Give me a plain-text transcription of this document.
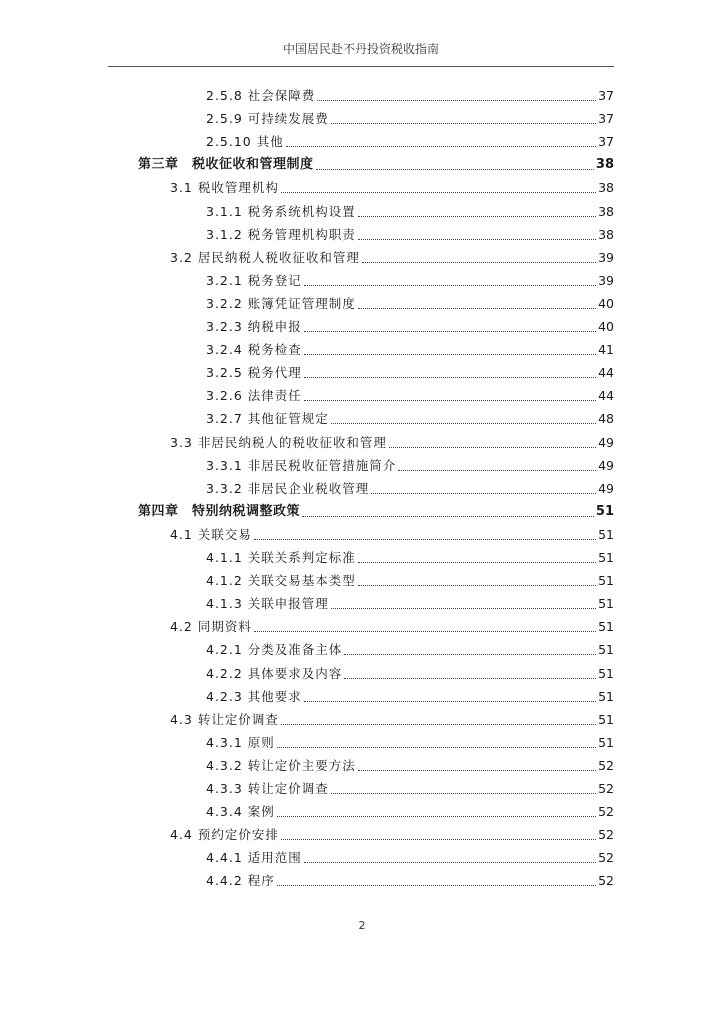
中国居民赴不丹投资税收指南
2.5.8 社会保障费	37
2.5.9 可持续发展费	37
2.5.10 其他	37
第三章　税收征收和管理制度	38
3.1 税收管理机构	38
3.1.1 税务系统机构设置	38
3.1.2 税务管理机构职责	38
3.2 居民纳税人税收征收和管理	39
3.2.1 税务登记	39
3.2.2 账簿凭证管理制度	40
3.2.3 纳税申报	40
3.2.4 税务检查	41
3.2.5 税务代理	44
3.2.6 法律责任	44
3.2.7 其他征管规定	48
3.3 非居民纳税人的税收征收和管理	49
3.3.1 非居民税收征管措施简介	49
3.3.2 非居民企业税收管理	49
第四章　特别纳税调整政策	51
4.1 关联交易	51
4.1.1 关联关系判定标准	51
4.1.2 关联交易基本类型	51
4.1.3 关联申报管理	51
4.2 同期资料	51
4.2.1 分类及准备主体	51
4.2.2 具体要求及内容	51
4.2.3 其他要求	51
4.3 转让定价调查	51
4.3.1 原则	51
4.3.2 转让定价主要方法	52
4.3.3 转让定价调查	52
4.3.4 案例	52
4.4 预约定价安排	52
4.4.1 适用范围	52
4.4.2 程序	52
2
